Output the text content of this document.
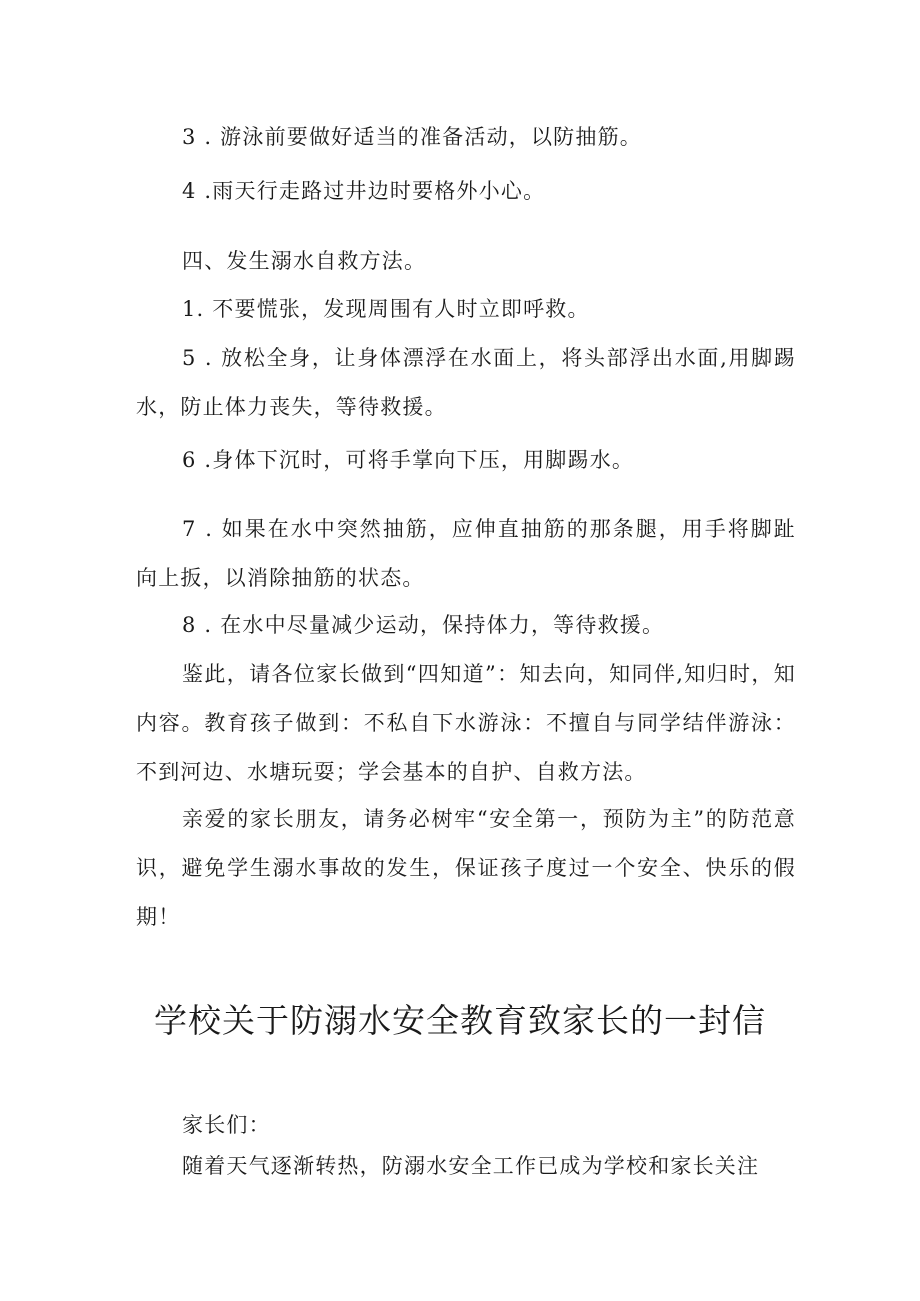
3 . 游泳前要做好适当的准备活动，以防抽筋。

4 .雨天行走路过井边时要格外小心。

四、发生溺水自救方法。

1. 不要慌张，发现周围有人时立即呼救。

5 . 放松全身，让身体漂浮在水面上，将头部浮出水面,用脚踢水，防止体力丧失，等待救援。

6 .身体下沉时，可将手掌向下压，用脚踢水。

7 . 如果在水中突然抽筋，应伸直抽筋的那条腿，用手将脚趾向上扳，以消除抽筋的状态。

8 . 在水中尽量减少运动，保持体力，等待救援。

鉴此，请各位家长做到“四知道”：知去向，知同伴,知归时，知内容。教育孩子做到：不私自下水游泳：不擅自与同学结伴游泳：不到河边、水塘玩耍；学会基本的自护、自救方法。

亲爱的家长朋友，请务必树牢“安全第一，预防为主”的防范意识，避免学生溺水事故的发生，保证孩子度过一个安全、快乐的假期！

学校关于防溺水安全教育致家长的一封信

家长们：

随着天气逐渐转热，防溺水安全工作已成为学校和家长关注
